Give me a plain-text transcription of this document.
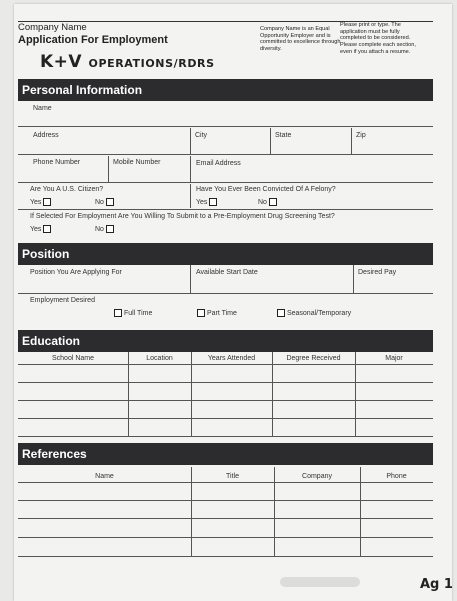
Company Name
Application For Employment
Company Name is an Equal Opportunity Employer and is committed to excellence through diversity.
Please print or type. The application must be fully completed to be considered. Please complete each section, even if you attach a resume.
K+V OPERATIONS/RDRS
Personal Information
Name
Address	City	State	Zip
Phone Number	Mobile Number	Email Address
Are You A U.S. Citizen?
Yes	No
Have You Ever Been Convicted Of A Felony?
Yes	No
If Selected For Employment Are You Willing To Submit to a Pre-Employment Drug Screening Test?
Yes	No
Position
Position You Are Applying For	Available Start Date	Desired Pay
Employment Desired
Full Time	Part Time	Seasonal/Temporary
Education
School Name	Location	Years Attended	Degree Received	Major
References
Name	Title	Company	Phone
Ag 1
